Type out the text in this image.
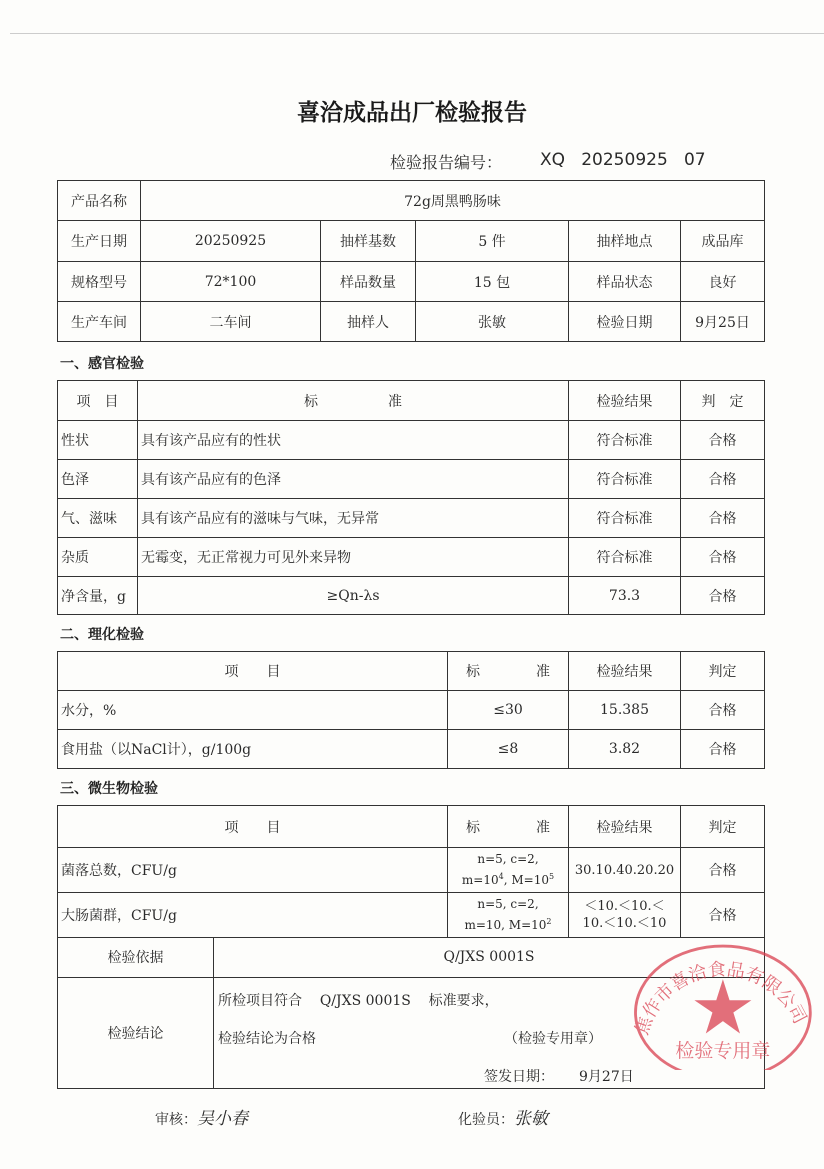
喜洽成品出厂检验报告
检验报告编号： XQ   20250925   07
产品名称	72g周黑鸭肠味				
生产日期	20250925	抽样基数	5 件	抽样地点	成品库
规格型号	72*100	样品数量	15 包	样品状态	良好
生产车间	二车间	抽样人	张敏	检验日期	9月25日
一、感官检验
项　目	标　　　　　准	检验结果	判　定
性状	具有该产品应有的性状	符合标准	合格
色泽	具有该产品应有的色泽	符合标准	合格
气、滋味	具有该产品应有的滋味与气味，无异常	符合标准	合格
杂质	无霉变，无正常视力可见外来异物	符合标准	合格
净含量，g	≥Qn-λs	73.3	合格
二、理化检验
项　　目	标　　　　准	检验结果	判定
水分，%	≤30	15.385	合格
食用盐（以NaCl计），g/100g	≤8	3.82	合格
三、微生物检验
项　　目	标　　　　准	检验结果	判定
菌落总数，CFU/g	n=5, c=2,
$m=10^4$, $M=10^5$	30.10.40.20.20	合格
大肠菌群，CFU/g	n=5, c=2,
m=10, $M=10^2$	＜10.＜10.＜ 10.＜10.＜10	合格
检验依据	Q/JXS 0001S
检验结论	所检项目符合 Q/JXS 0001S 标准要求，
检验结论为合格 （检验专用章）
签发日期： 9月27日
焦作市喜洽食品有限公司
检验专用章
审核：吴小春	化验员：张敏
